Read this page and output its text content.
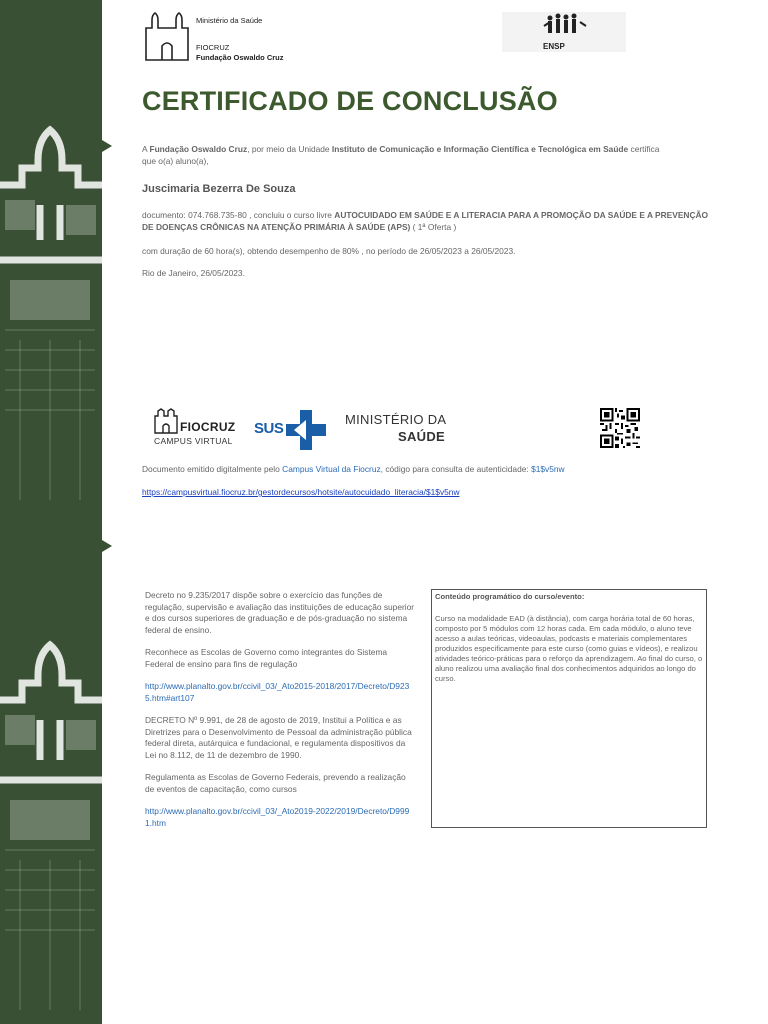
Ministério da Saúde
FIOCRUZ
Fundação Oswaldo Cruz
ENSP
CERTIFICADO DE CONCLUSÃO
A Fundação Oswaldo Cruz, por meio da Unidade Instituto de Comunicação e Informação Científica e Tecnológica em Saúde certifica que o(a) aluno(a),
Juscimaria Bezerra De Souza
documento: 074.768.735-80 , concluiu o curso livre AUTOCUIDADO EM SAÚDE E A LITERACIA PARA A PROMOÇÃO DA SAÚDE E A PREVENÇÃO DE DOENÇAS CRÔNICAS NA ATENÇÃO PRIMÁRIA À SAÚDE (APS) ( 1ª Oferta )
com duração de 60 hora(s), obtendo desempenho de 80% , no período de 26/05/2023 a 26/05/2023.
Rio de Janeiro, 26/05/2023.
FIOCRUZ
CAMPUS VIRTUAL
SUS
MINISTÉRIO DA
SAÚDE
Documento emitido digitalmente pelo Campus Virtual da Fiocruz, código para consulta de autenticidade: $1$v5nw
https://campusvirtual.fiocruz.br/gestordecursos/hotsite/autocuidado_literacia/$1$v5nw
Decreto no 9.235/2017 dispõe sobre o exercício das funções de regulação, supervisão e avaliação das instituições de educação superior e dos cursos superiores de graduação e de pós-graduação no sistema federal de ensino.
Reconhece as Escolas de Governo como integrantes do Sistema Federal de ensino para fins de regulação
http://www.planalto.gov.br/ccivil_03/_Ato2015-2018/2017/Decreto/D9235.htm#art107
DECRETO Nº 9.991, de 28 de agosto de 2019, Institui a Política e as Diretrizes para o Desenvolvimento de Pessoal da administração pública federal direta, autárquica e fundacional, e regulamenta dispositivos da Lei no 8.112, de 11 de dezembro de 1990.
Regulamenta as Escolas de Governo Federais, prevendo a realização de eventos de capacitação, como cursos
http://www.planalto.gov.br/ccivil_03/_Ato2019-2022/2019/Decreto/D9991.htm
Conteúdo programático do curso/evento:
Curso na modalidade EAD (à distância), com carga horária total de 60 horas, composto por 5 módulos com 12 horas cada. Em cada módulo, o aluno teve acesso a aulas teóricas, videoaulas, podcasts e materiais complementares produzidos especificamente para este curso (como guias e vídeos), e realizou atividades teórico-práticas para o reforço da aprendizagem. Ao final do curso, o aluno realizou uma avaliação final dos conhecimentos adquiridos ao longo do curso.
